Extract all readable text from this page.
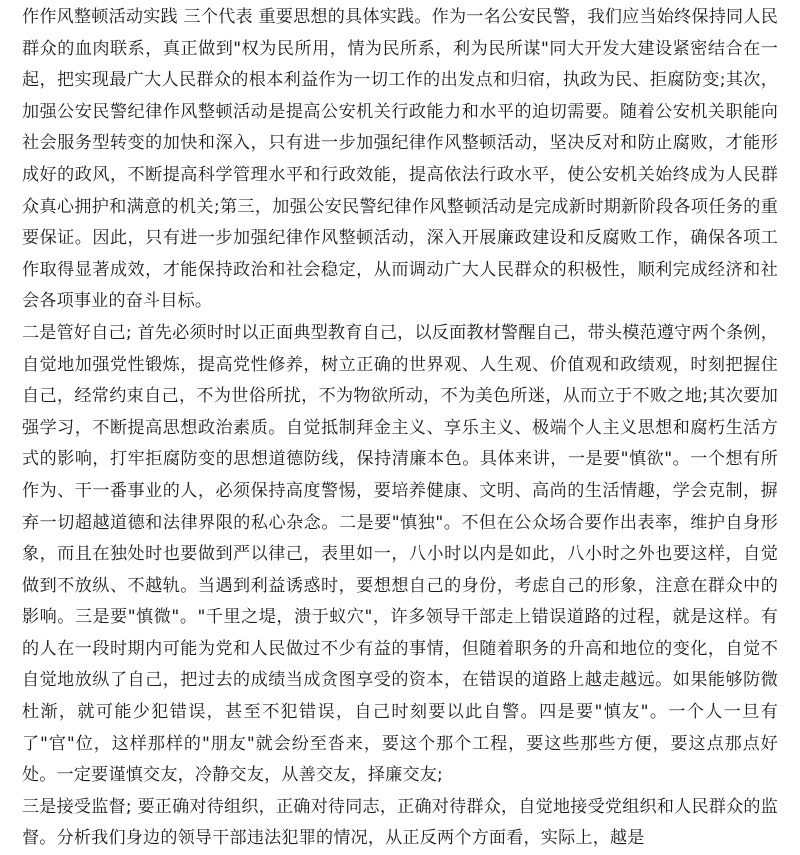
作作风整顿活动实践 三个代表 重要思想的具体实践。作为一名公安民警，我们应当始终保持同人民群众的血肉联系，真正做到"权为民所用，情为民所系，利为民所谋"同大开发大建设紧密结合在一起，把实现最广大人民群众的根本利益作为一切工作的出发点和归宿，执政为民、拒腐防变;其次，加强公安民警纪律作风整顿活动是提高公安机关行政能力和水平的迫切需要。随着公安机关职能向社会服务型转变的加快和深入，只有进一步加强纪律作风整顿活动，坚决反对和防止腐败，才能形成好的政风，不断提高科学管理水平和行政效能，提高依法行政水平，使公安机关始终成为人民群众真心拥护和满意的机关;第三，加强公安民警纪律作风整顿活动是完成新时期新阶段各项任务的重要保证。因此，只有进一步加强纪律作风整顿活动，深入开展廉政建设和反腐败工作，确保各项工作取得显著成效，才能保持政治和社会稳定，从而调动广大人民群众的积极性，顺利完成经济和社会各项事业的奋斗目标。

二是管好自己; 首先必须时时以正面典型教育自己，以反面教材警醒自己，带头模范遵守两个条例，自觉地加强党性锻炼，提高党性修养，树立正确的世界观、人生观、价值观和政绩观，时刻把握住自己，经常约束自己，不为世俗所扰，不为物欲所动，不为美色所迷，从而立于不败之地;其次要加强学习，不断提高思想政治素质。自觉抵制拜金主义、享乐主义、极端个人主义思想和腐朽生活方式的影响，打牢拒腐防变的思想道德防线，保持清廉本色。具体来讲，一是要"慎欲"。一个想有所作为、干一番事业的人，必须保持高度警惕，要培养健康、文明、高尚的生活情趣，学会克制，摒弃一切超越道德和法律界限的私心杂念。二是要"慎独"。不但在公众场合要作出表率，维护自身形象，而且在独处时也要做到严以律己，表里如一，八小时以内是如此，八小时之外也要这样，自觉做到不放纵、不越轨。当遇到利益诱惑时，要想想自己的身份，考虑自己的形象，注意在群众中的影响。三是要"慎微"。"千里之堤，溃于蚁穴"，许多领导干部走上错误道路的过程，就是这样。有的人在一段时期内可能为党和人民做过不少有益的事情，但随着职务的升高和地位的变化，自觉不自觉地放纵了自己，把过去的成绩当成贪图享受的资本，在错误的道路上越走越远。如果能够防微杜渐，就可能少犯错误，甚至不犯错误，自己时刻要以此自警。四是要"慎友"。一个人一旦有了"官"位，这样那样的"朋友"就会纷至沓来，要这个那个工程，要这些那些方便，要这点那点好处。一定要谨慎交友，冷静交友，从善交友，择廉交友;

三是接受监督; 要正确对待组织，正确对待同志，正确对待群众，自觉地接受党组织和人民群众的监督。分析我们身边的领导干部违法犯罪的情况，从正反两个方面看，实际上，越是
